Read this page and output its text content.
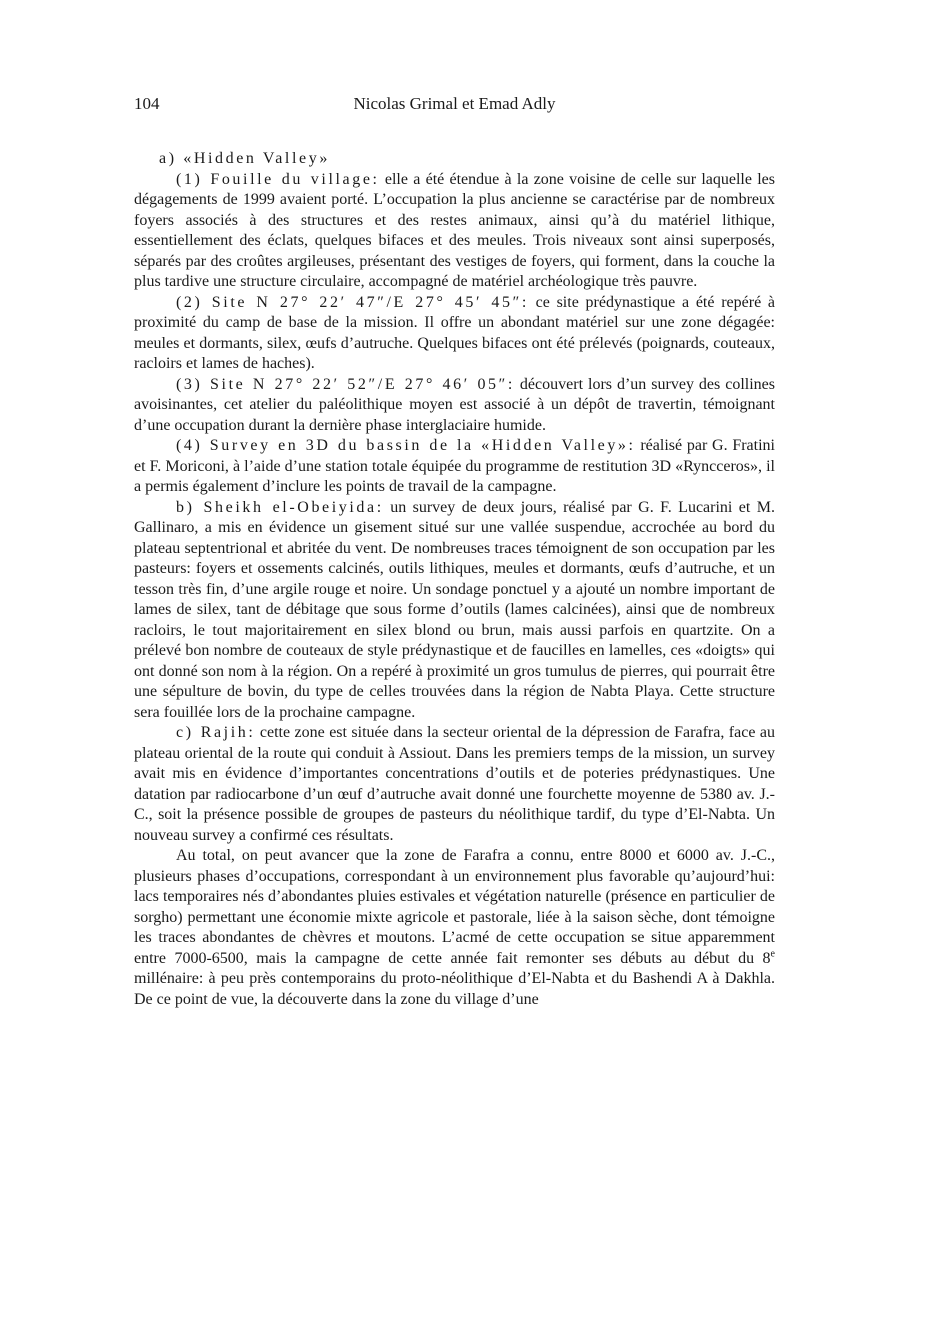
104	Nicolas Grimal et Emad Adly

a) «Hidden Valley»

(1) Fouille du village: elle a été étendue à la zone voisine de celle sur laquelle les dégagements de 1999 avaient porté. L’occupation la plus ancienne se caractérise par de nombreux foyers associés à des structures et des restes animaux, ainsi qu’à du matériel lithique, essentiellement des éclats, quelques bifaces et des meules. Trois niveaux sont ainsi superposés, séparés par des croûtes argileuses, présentant des vestiges de foyers, qui forment, dans la couche la plus tardive une structure circulaire, accompagné de matériel archéologique très pauvre.

(2) Site N 27° 22′ 47″/E 27° 45′ 45″: ce site prédynastique a été repéré à proximité du camp de base de la mission. Il offre un abondant matériel sur une zone dégagée: meules et dormants, silex, œufs d’autruche. Quelques bifaces ont été prélevés (poignards, couteaux, racloirs et lames de haches).

(3) Site N 27° 22′ 52″/E 27° 46′ 05″: découvert lors d’un survey des collines avoisinantes, cet atelier du paléolithique moyen est associé à un dépôt de travertin, témoignant d’une occupation durant la dernière phase interglaciaire humide.

(4) Survey en 3D du bassin de la «Hidden Valley»: réalisé par G. Fratini et F. Moriconi, à l’aide d’une station totale équipée du programme de restitution 3D «Ryncceros», il a permis également d’inclure les points de travail de la campagne.

b) Sheikh el-Obeiyida: un survey de deux jours, réalisé par G. F. Lucarini et M. Gallinaro, a mis en évidence un gisement situé sur une vallée suspendue, accrochée au bord du plateau septentrional et abritée du vent. De nombreuses traces témoignent de son occupation par les pasteurs: foyers et ossements calcinés, outils lithiques, meules et dormants, œufs d’autruche, et un tesson très fin, d’une argile rouge et noire. Un sondage ponctuel y a ajouté un nombre important de lames de silex, tant de débitage que sous forme d’outils (lames calcinées), ainsi que de nombreux racloirs, le tout majoritairement en silex blond ou brun, mais aussi parfois en quartzite. On a prélevé bon nombre de couteaux de style prédynastique et de faucilles en lamelles, ces «doigts» qui ont donné son nom à la région. On a repéré à proximité un gros tumulus de pierres, qui pourrait être une sépulture de bovin, du type de celles trouvées dans la région de Nabta Playa. Cette structure sera fouillée lors de la prochaine campagne.

c) Rajih: cette zone est située dans la secteur oriental de la dépression de Farafra, face au plateau oriental de la route qui conduit à Assiout. Dans les premiers temps de la mission, un survey avait mis en évidence d’importantes concentrations d’outils et de poteries prédynastiques. Une datation par radiocarbone d’un œuf d’autruche avait donné une fourchette moyenne de 5380 av. J.-C., soit la présence possible de groupes de pasteurs du néolithique tardif, du type d’El-Nabta. Un nouveau survey a confirmé ces résultats.

Au total, on peut avancer que la zone de Farafra a connu, entre 8000 et 6000 av. J.-C., plusieurs phases d’occupations, correspondant à un environnement plus favorable qu’aujourd’hui: lacs temporaires nés d’abondantes pluies estivales et végétation naturelle (présence en particulier de sorgho) permettant une économie mixte agricole et pastorale, liée à la saison sèche, dont témoigne les traces abondantes de chèvres et moutons. L’acmé de cette occupation se situe apparemment entre 7000-6500, mais la campagne de cette année fait remonter ses débuts au début du 8e millénaire: à peu près contemporains du proto-néolithique d’El-Nabta et du Bashendi A à Dakhla. De ce point de vue, la découverte dans la zone du village d’une
